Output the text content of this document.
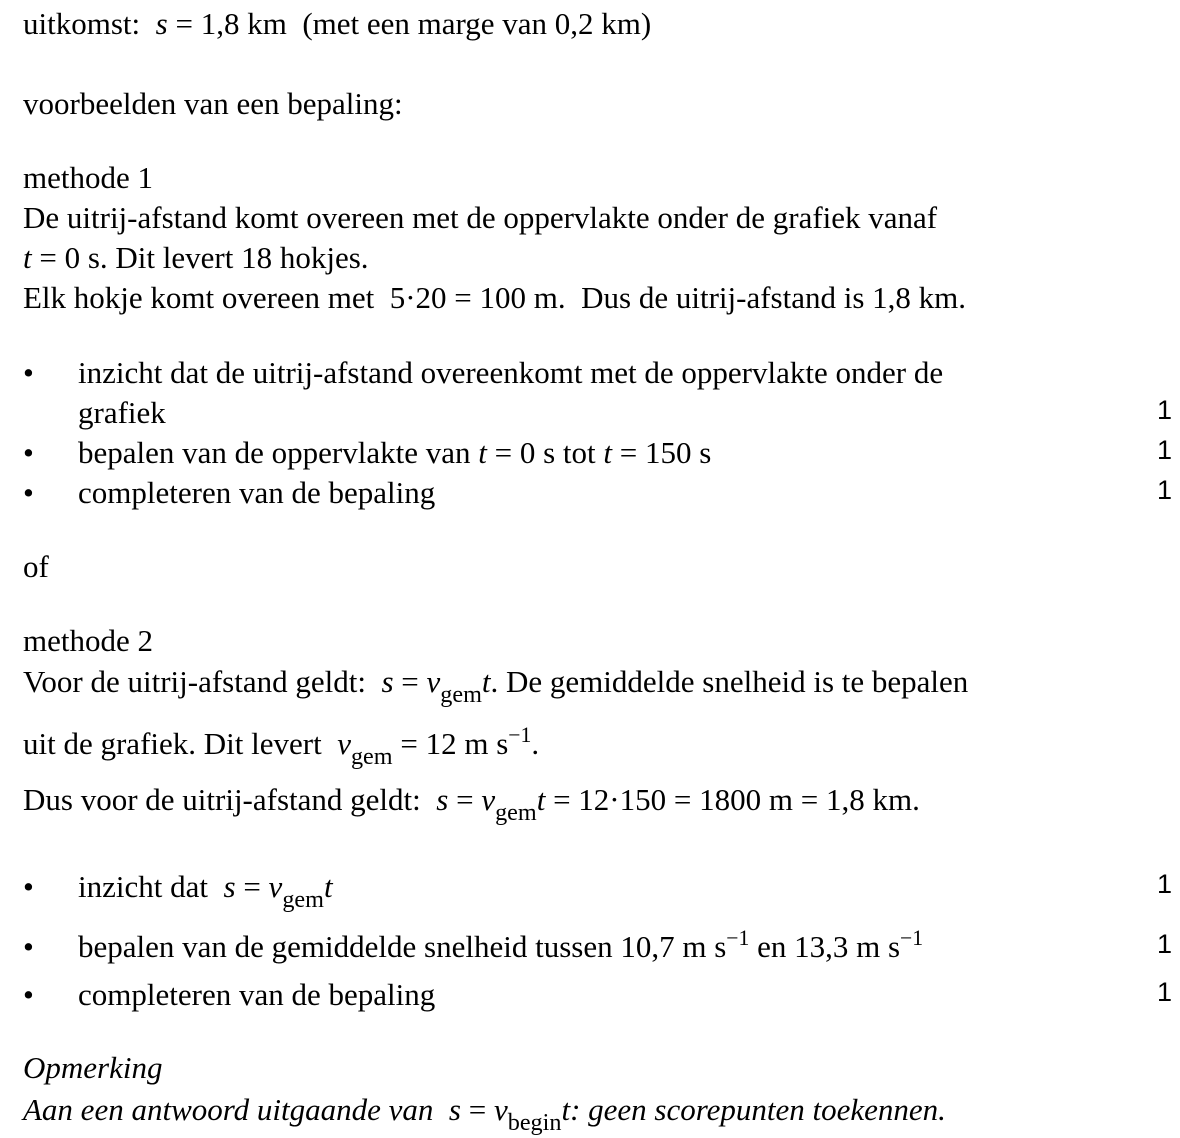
uitkomst: s = 1,8 km (met een marge van 0,2 km)
voorbeelden van een bepaling:
methode 1
De uitrij-afstand komt overeen met de oppervlakte onder de grafiek vanaf
t = 0 s. Dit levert 18 hokjes.
Elk hokje komt overeen met 5·20 = 100 m. Dus de uitrij-afstand is 1,8 km.
• inzicht dat de uitrij-afstand overeenkomt met de oppervlakte onder de
grafiek	1
• bepalen van de oppervlakte van t = 0 s tot t = 150 s	1
• completeren van de bepaling	1
of
methode 2
Voor de uitrij-afstand geldt: $s = v_{gem}t$. De gemiddelde snelheid is te bepalen
uit de grafiek. Dit levert $v_{gem} = 12$ m $s^{-1}$.
Dus voor de uitrij-afstand geldt: $s = v_{gem}t = 12\cdot 150 = 1800$ m = 1,8 km.
• inzicht dat $s = v_{gem}t$	1
• bepalen van de gemiddelde snelheid tussen 10,7 m $s^{-1}$ en 13,3 m $s^{-1}$	1
• completeren van de bepaling	1
Opmerking
Aan een antwoord uitgaande van $s = v_{begin}t$: geen scorepunten toekennen.
